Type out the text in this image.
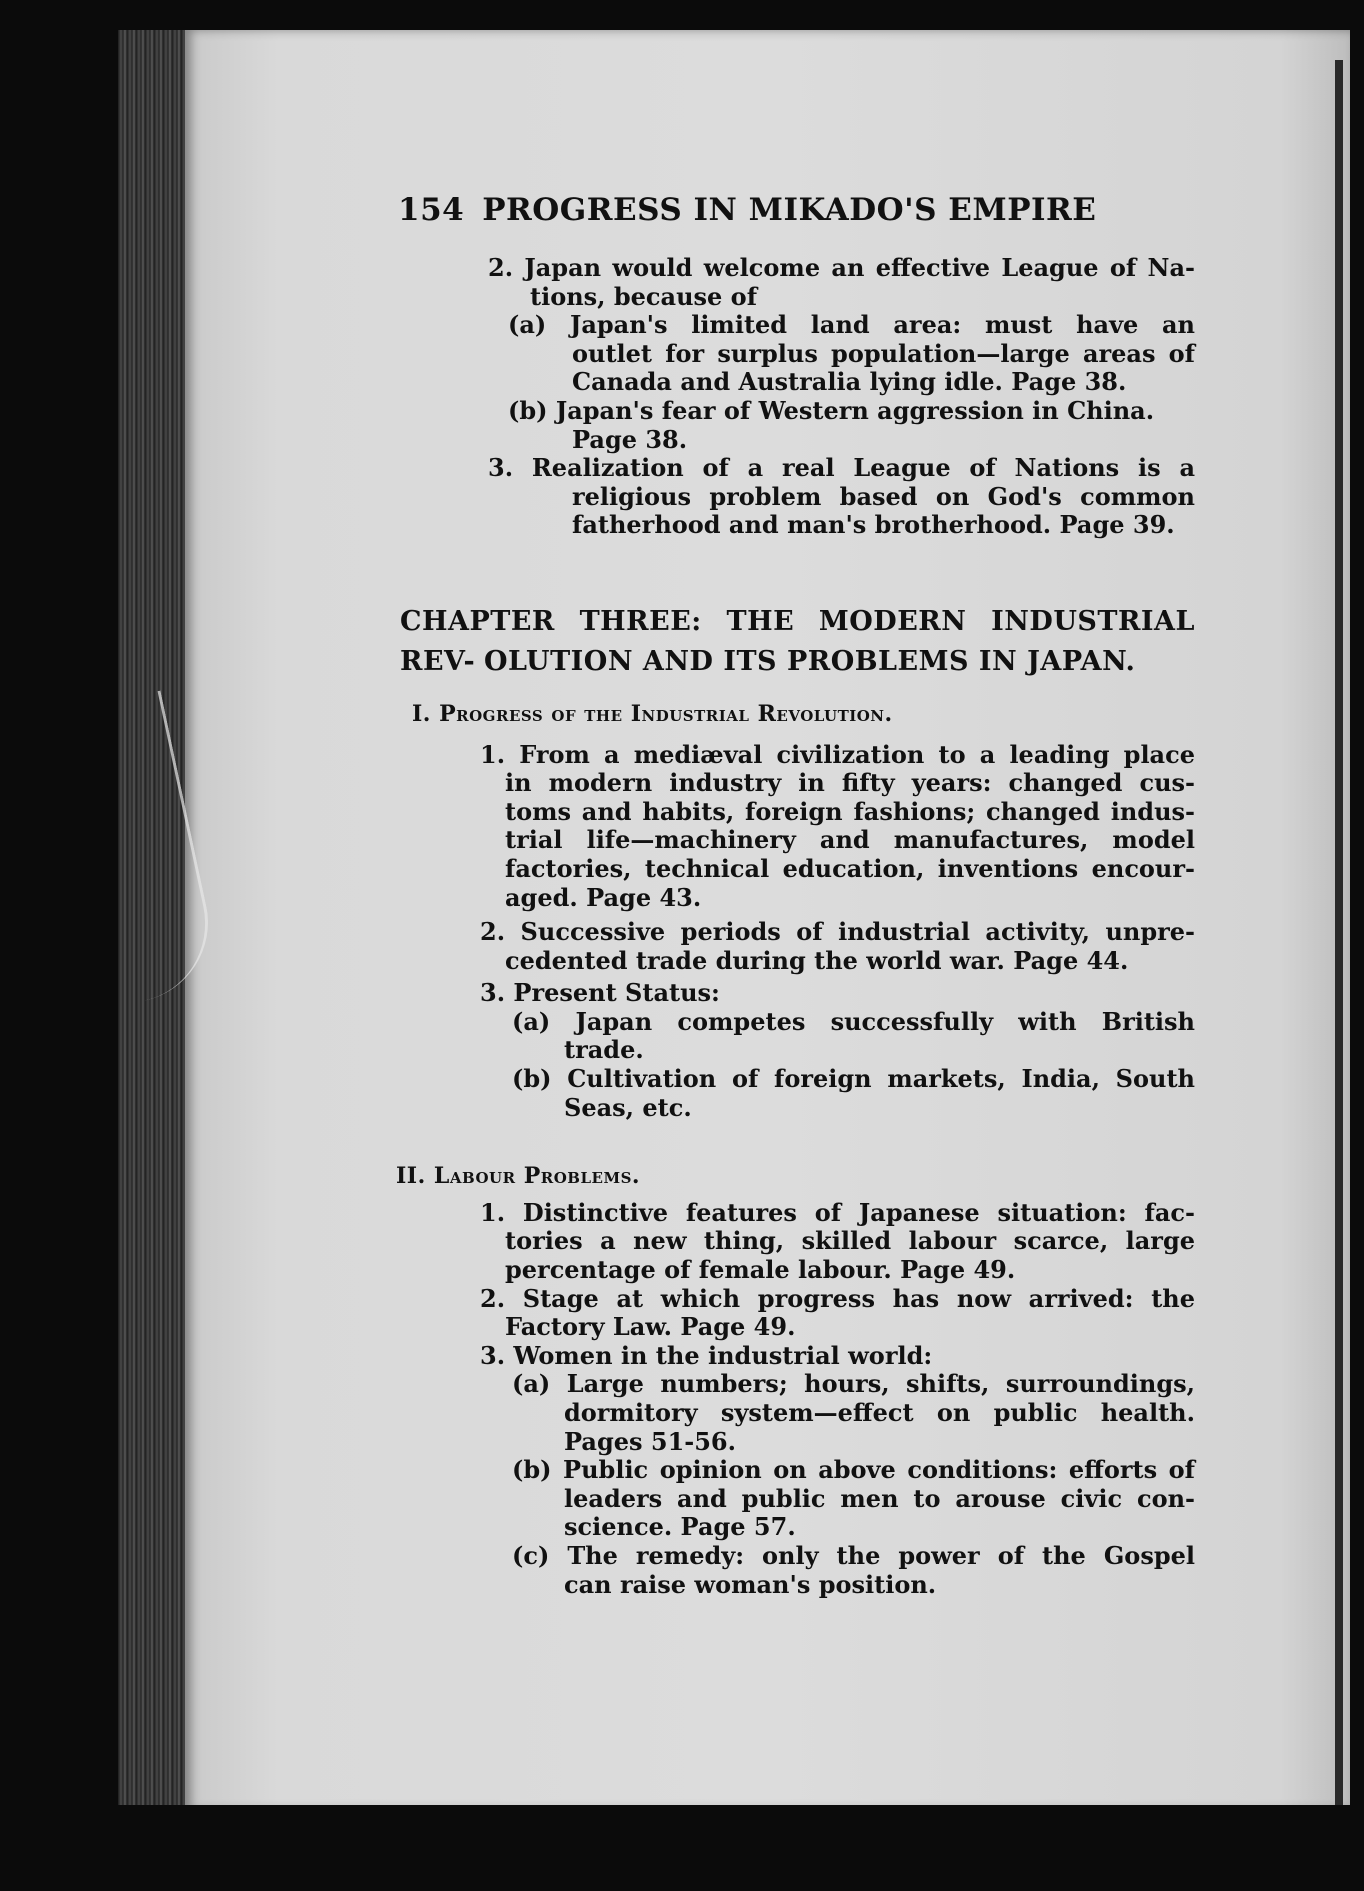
154 PROGRESS IN MIKADO'S EMPIRE
2. Japan would welcome an effective League of Na-
tions, because of
(a) Japan's limited land area: must have an
outlet for surplus population—large areas of
Canada and Australia lying idle. Page 38.
(b) Japan's fear of Western aggression in China.
Page 38.
3. Realization of a real League of Nations is a
religious problem based on God's common
fatherhood and man's brotherhood. Page 39.
CHAPTER THREE: THE MODERN INDUSTRIAL REV- OLUTION AND ITS PROBLEMS IN JAPAN.
I. Progress of the Industrial Revolution.
1. From a mediæval civilization to a leading place
in modern industry in fifty years: changed cus-
toms and habits, foreign fashions; changed indus-
trial life—machinery and manufactures, model
factories, technical education, inventions encour-
aged. Page 43.
2. Successive periods of industrial activity, unpre-
cedented trade during the world war. Page 44.
3. Present Status:
(a) Japan competes successfully with British
trade.
(b) Cultivation of foreign markets, India, South
Seas, etc.
II. Labour Problems.
1. Distinctive features of Japanese situation: fac-
tories a new thing, skilled labour scarce, large
percentage of female labour. Page 49.
2. Stage at which progress has now arrived: the
Factory Law. Page 49.
3. Women in the industrial world:
(a) Large numbers; hours, shifts, surroundings,
dormitory system—effect on public health.
Pages 51-56.
(b) Public opinion on above conditions: efforts of
leaders and public men to arouse civic con-
science. Page 57.
(c) The remedy: only the power of the Gospel
can raise woman's position.
